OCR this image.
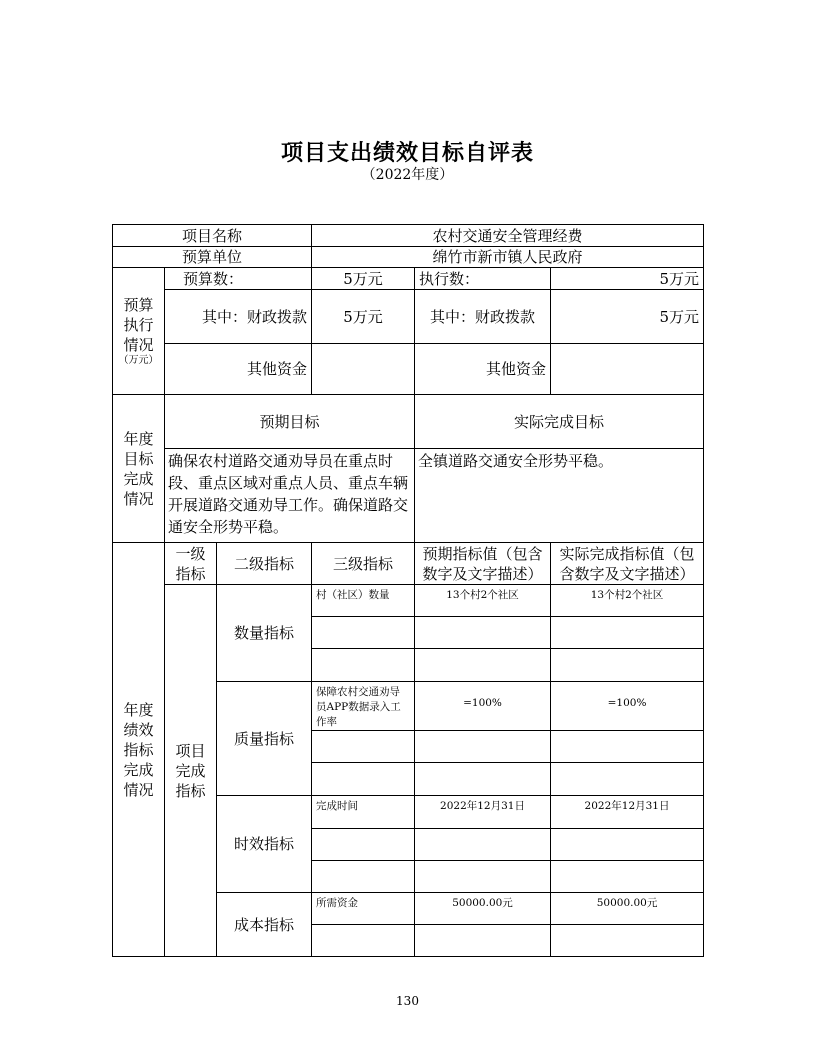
项目支出绩效目标自评表
（2022年度）
项目名称			农村交通安全管理经费		
预算单位			绵竹市新市镇人民政府		
预算执行情况
（万元）	预算数：		5万元	执行数：	5万元
	其中：财政拨款		5万元	其中：财政拨款	5万元
	其他资金			其他资金	
年度目标完成情况	预期目标			实际完成目标	
	确保农村道路交通劝导员在重点时段、重点区域对重点人员、重点车辆开展道路交通劝导工作。确保道路交通安全形势平稳。			全镇道路交通安全形势平稳。	
年度绩效指标完成情况	一级指标	二级指标	三级指标	预期指标值（包含数字及文字描述）	实际完成指标值（包含数字及文字描述）
	项目完成指标	数量指标	村（社区）数量	13个村2个社区	13个村2个社区

		质量指标	保障农村交通劝导员APP数据录入工作率	=100%	=100%

		时效指标	完成时间	2022年12月31日	2022年12月31日

		成本指标	所需资金	50000.00元	50000.00元

130
